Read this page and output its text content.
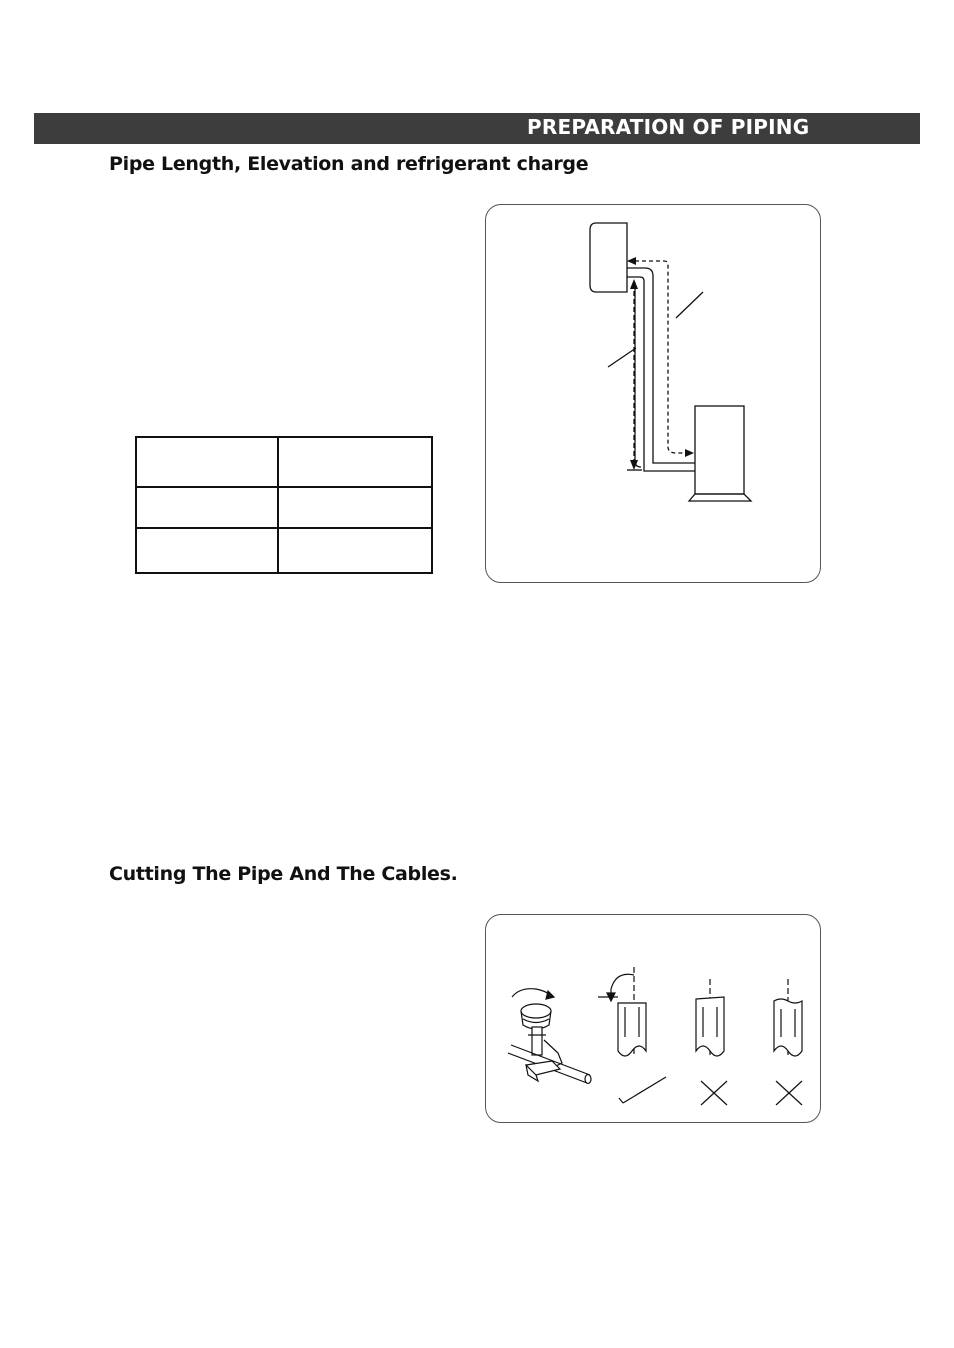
PREPARATION OF PIPING
Pipe Length, Elevation and refrigerant charge
Cutting The Pipe And The Cables.
